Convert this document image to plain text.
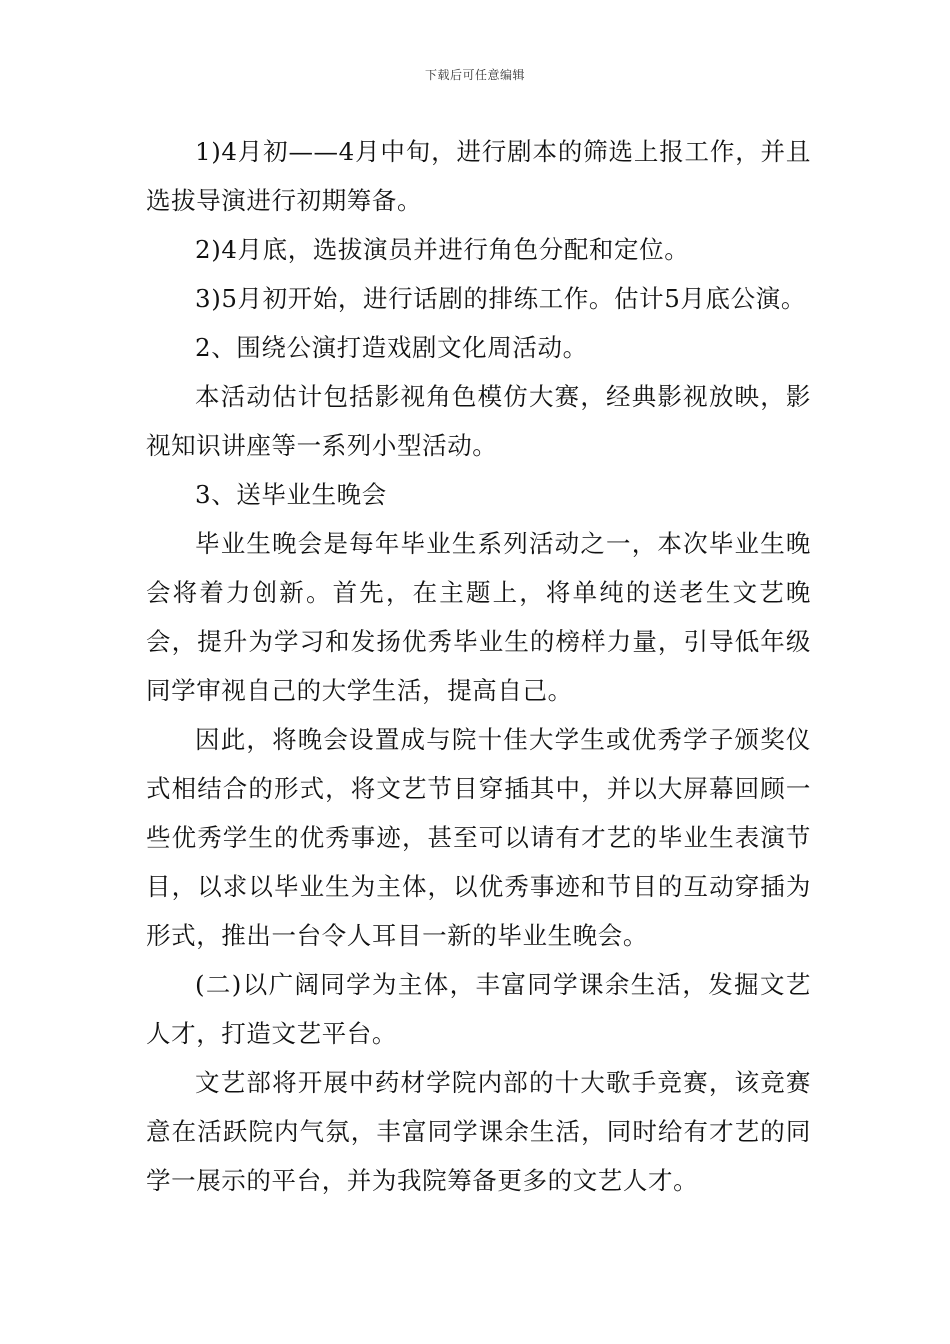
下载后可任意编辑

1)4月初——4月中旬，进行剧本的筛选上报工作，并且选拔导演进行初期筹备。

2)4月底，选拔演员并进行角色分配和定位。

3)5月初开始，进行话剧的排练工作。估计5月底公演。

2、围绕公演打造戏剧文化周活动。

本活动估计包括影视角色模仿大赛，经典影视放映，影视知识讲座等一系列小型活动。

3、送毕业生晚会

毕业生晚会是每年毕业生系列活动之一，本次毕业生晚会将着力创新。首先，在主题上，将单纯的送老生文艺晚会，提升为学习和发扬优秀毕业生的榜样力量，引导低年级同学审视自己的大学生活，提高自己。

因此，将晚会设置成与院十佳大学生或优秀学子颁奖仪式相结合的形式，将文艺节目穿插其中，并以大屏幕回顾一些优秀学生的优秀事迹，甚至可以请有才艺的毕业生表演节目，以求以毕业生为主体，以优秀事迹和节目的互动穿插为形式，推出一台令人耳目一新的毕业生晚会。

(二)以广阔同学为主体，丰富同学课余生活，发掘文艺人才，打造文艺平台。

文艺部将开展中药材学院内部的十大歌手竞赛，该竞赛意在活跃院内气氛，丰富同学课余生活，同时给有才艺的同学一展示的平台，并为我院筹备更多的文艺人才。
